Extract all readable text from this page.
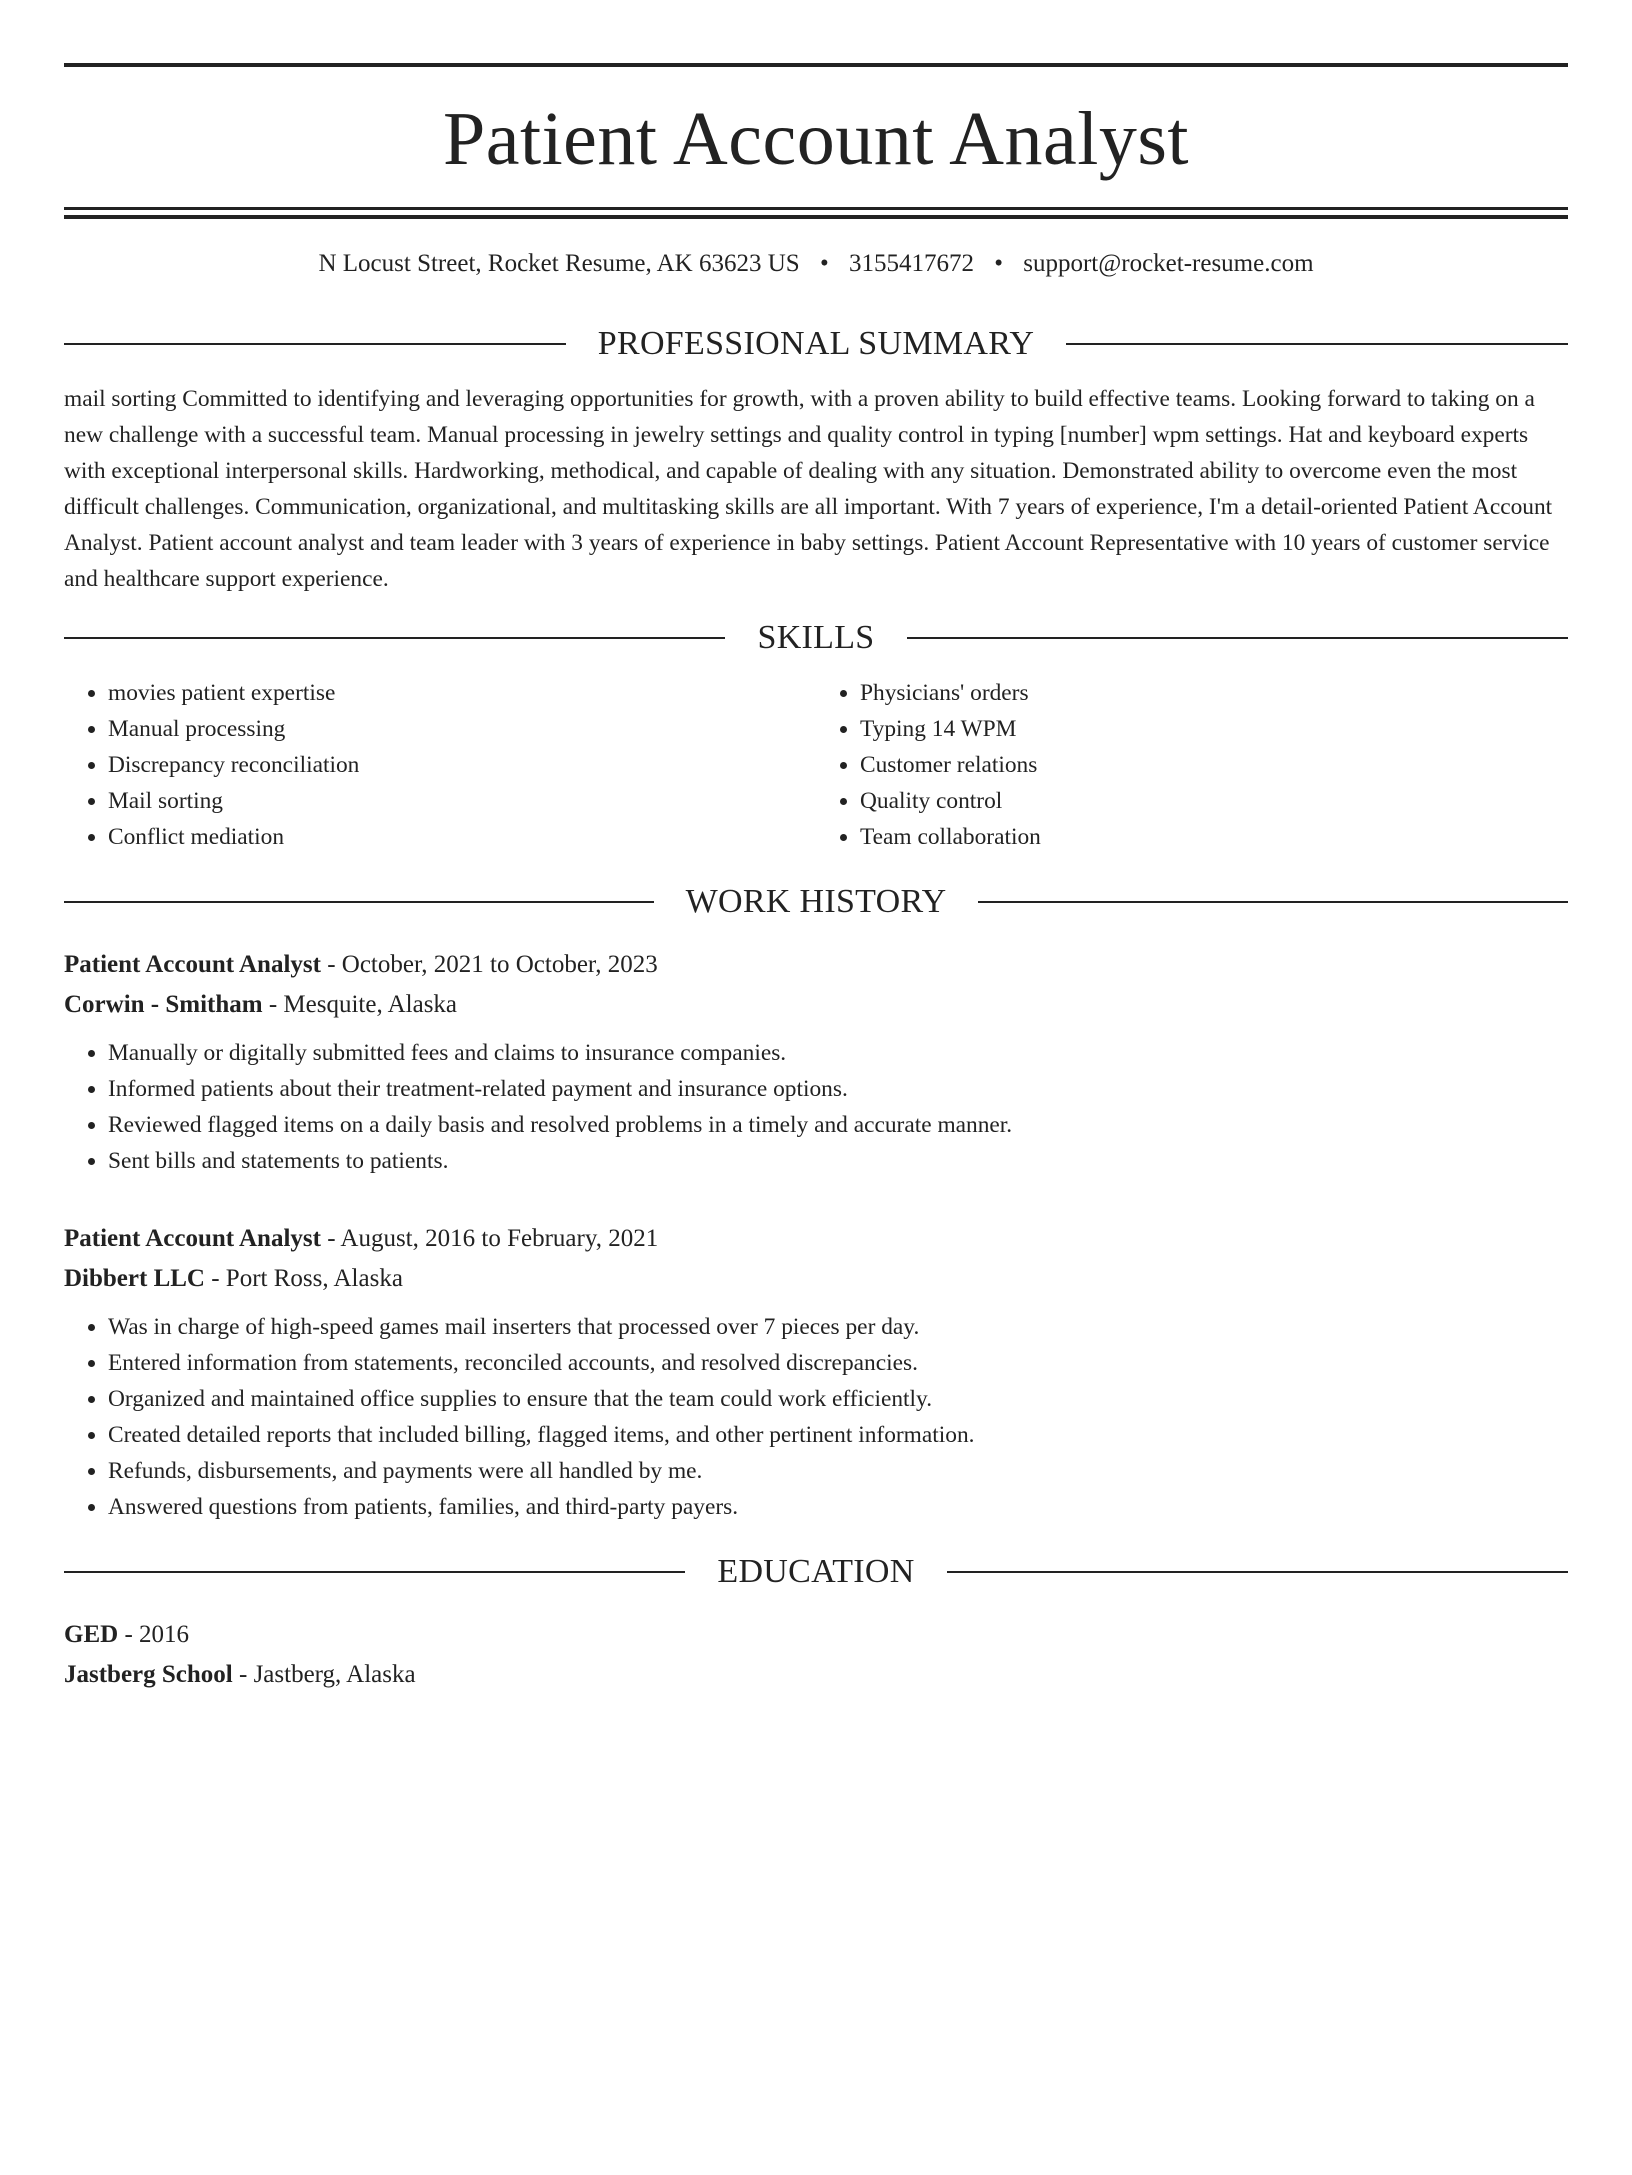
Patient Account Analyst
N Locust Street, Rocket Resume, AK 63623 US • 3155417672 • support@rocket-resume.com
PROFESSIONAL SUMMARY
mail sorting Committed to identifying and leveraging opportunities for growth, with a proven ability to build effective teams. Looking forward to taking on a new challenge with a successful team. Manual processing in jewelry settings and quality control in typing [number] wpm settings. Hat and keyboard experts with exceptional interpersonal skills. Hardworking, methodical, and capable of dealing with any situation. Demonstrated ability to overcome even the most difficult challenges. Communication, organizational, and multitasking skills are all important. With 7 years of experience, I'm a detail-oriented Patient Account Analyst. Patient account analyst and team leader with 3 years of experience in baby settings. Patient Account Representative with 10 years of customer service and healthcare support experience.
SKILLS
• movies patient expertise
• Manual processing
• Discrepancy reconciliation
• Mail sorting
• Conflict mediation
• Physicians' orders
• Typing 14 WPM
• Customer relations
• Quality control
• Team collaboration
WORK HISTORY
Patient Account Analyst - October, 2021 to October, 2023
Corwin - Smitham - Mesquite, Alaska
• Manually or digitally submitted fees and claims to insurance companies.
• Informed patients about their treatment-related payment and insurance options.
• Reviewed flagged items on a daily basis and resolved problems in a timely and accurate manner.
• Sent bills and statements to patients.
Patient Account Analyst - August, 2016 to February, 2021
Dibbert LLC - Port Ross, Alaska
• Was in charge of high-speed games mail inserters that processed over 7 pieces per day.
• Entered information from statements, reconciled accounts, and resolved discrepancies.
• Organized and maintained office supplies to ensure that the team could work efficiently.
• Created detailed reports that included billing, flagged items, and other pertinent information.
• Refunds, disbursements, and payments were all handled by me.
• Answered questions from patients, families, and third-party payers.
EDUCATION
GED - 2016
Jastberg School - Jastberg, Alaska
